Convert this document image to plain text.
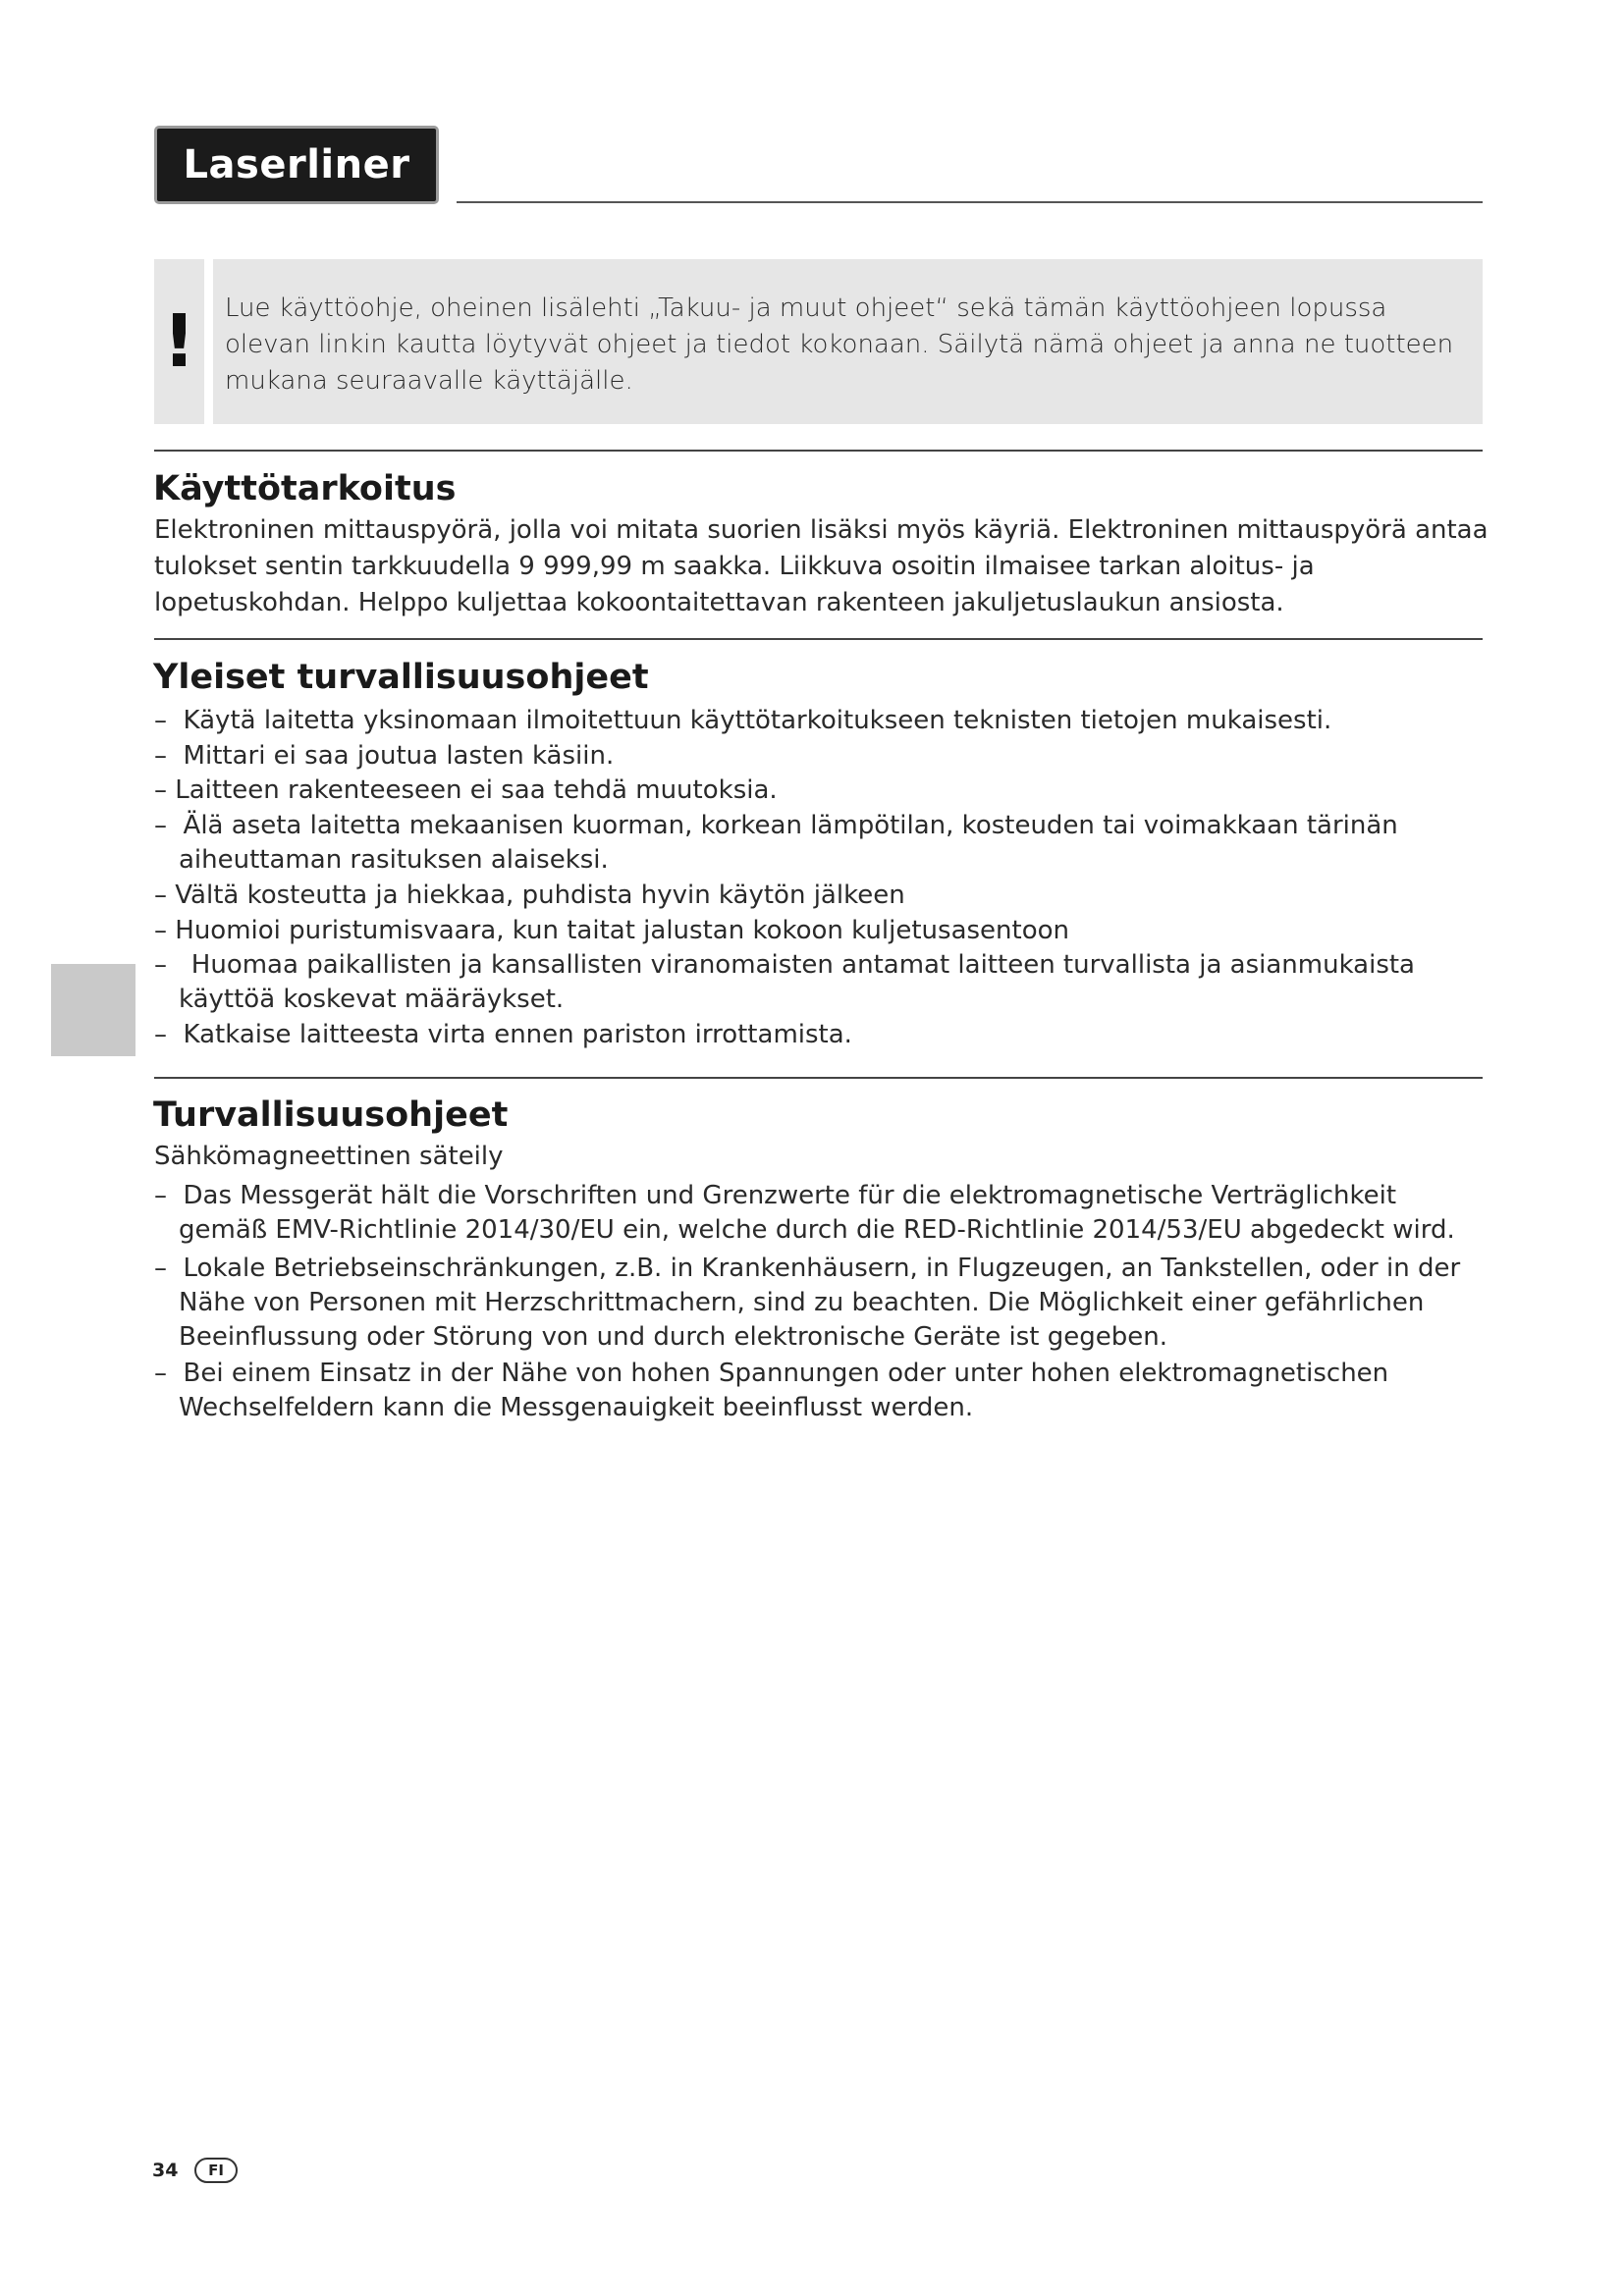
Laserliner
!	Lue käyttöohje, oheinen lisälehti „Takuu- ja muut ohjeet“ sekä tämän käyttöohjeen lopussa olevan linkin kautta löytyvät ohjeet ja tiedot kokonaan. Säilytä nämä ohjeet ja anna ne tuotteen mukana seuraavalle käyttäjälle.
Käyttötarkoitus
Elektroninen mittauspyörä, jolla voi mitata suorien lisäksi myös käyriä. Elektroninen mittauspyörä antaa tulokset sentin tarkkuudella 9 999,99 m saakka. Liikkuva osoitin ilmaisee tarkan aloitus- ja lopetuskohdan. Helppo kuljettaa kokoontaitettavan rakenteen jakuljetuslaukun ansiosta.
Yleiset turvallisuusohjeet
–  Käytä laitetta yksinomaan ilmoitettuun käyttötarkoitukseen teknisten tietojen mukaisesti.
–  Mittari ei saa joutua lasten käsiin.
– Laitteen rakenteeseen ei saa tehdä muutoksia.
–  Älä aseta laitetta mekaanisen kuorman, korkean lämpötilan, kosteuden tai voimakkaan tärinän aiheuttaman rasituksen alaiseksi.
– Vältä kosteutta ja hiekkaa, puhdista hyvin käytön jälkeen
– Huomioi puristumisvaara, kun taitat jalustan kokoon kuljetusasentoon
–   Huomaa paikallisten ja kansallisten viranomaisten antamat laitteen turvallista ja asianmukaista käyttöä koskevat määräykset.
–  Katkaise laitteesta virta ennen pariston irrottamista.
Turvallisuusohjeet
Sähkömagneettinen säteily
–  Das Messgerät hält die Vorschriften und Grenzwerte für die elektromagnetische Verträglichkeit gemäß EMV-Richtlinie 2014/30/EU ein, welche durch die RED-Richtlinie 2014/53/EU abgedeckt wird.
–  Lokale Betriebseinschränkungen, z.B. in Krankenhäusern, in Flugzeugen, an Tankstellen, oder in der Nähe von Personen mit Herzschrittmachern, sind zu beachten. Die Möglichkeit einer gefährlichen Beeinflussung oder Störung von und durch elektronische Geräte ist gegeben.
–  Bei einem Einsatz in der Nähe von hohen Spannungen oder unter hohen elektromagnetischen Wechselfeldern kann die Messgenauigkeit beeinflusst werden.
34	FI
